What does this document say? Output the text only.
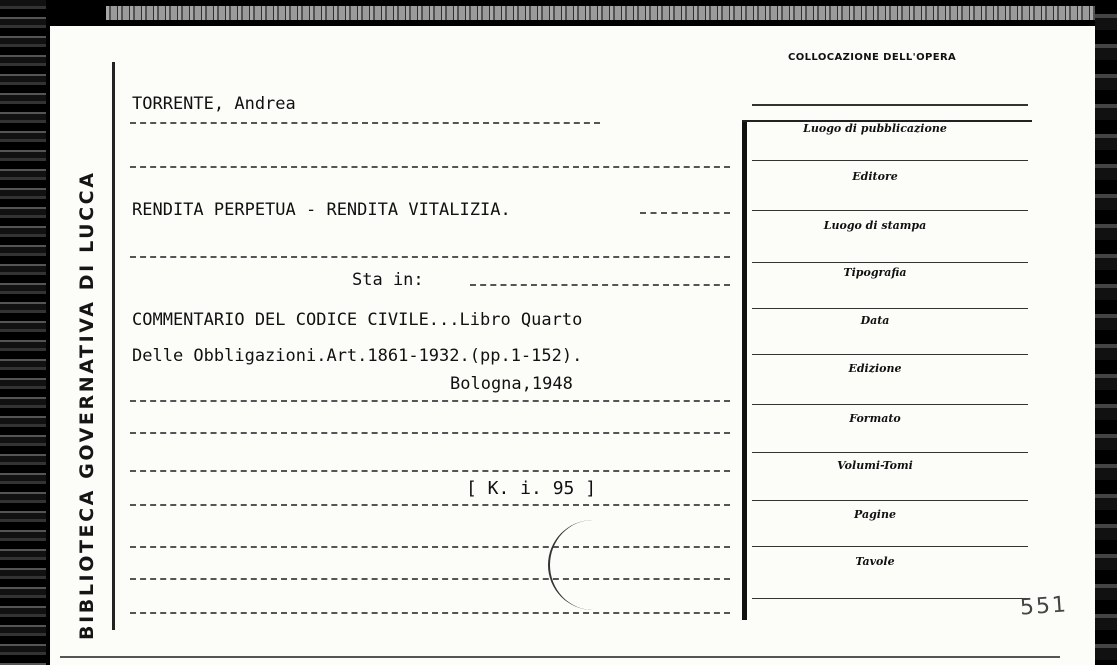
BIBLIOTECA GOVERNATIVA DI LUCCA
TORRENTE, Andrea
RENDITA PERPETUA - RENDITA VITALIZIA.
Sta in:
COMMENTARIO DEL CODICE CIVILE...Libro Quarto
Delle Obbligazioni.Art.1861-1932.(pp.1-152).
Bologna,1948
[ K. i. 95 ]
COLLOCAZIONE DELL'OPERA
Luogo di pubblicazione
Editore
Luogo di stampa
Tipografia
Data
Edizione
Formato
Volumi-Tomi
Pagine
Tavole
551
